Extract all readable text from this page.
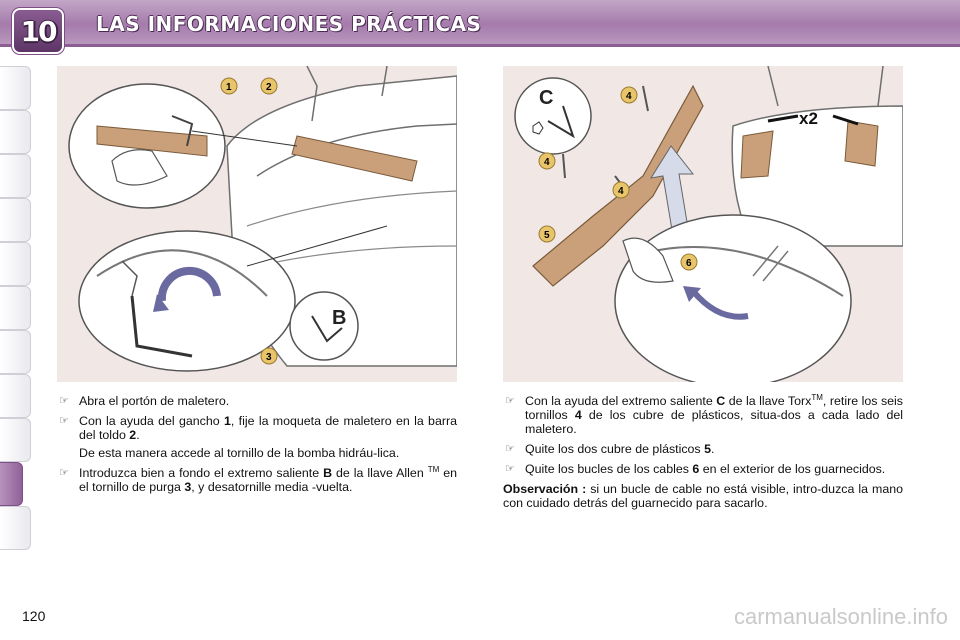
10 LAS INFORMACIONES PRÁCTICAS
B
1	2
3
x2
C	4
4
4
5
6
☞ Abra el portón de maletero.
☞ Con la ayuda del gancho 1, fije la moqueta de maletero en la barra del toldo 2.
De esta manera accede al tornillo de la bomba hidráu-lica.
☞ Introduzca bien a fondo el extremo saliente B de la llave Allen ™ en el tornillo de purga 3, y desatornille media -vuelta.
☞ Con la ayuda del extremo saliente C de la llave Torx™, retire los seis tornillos 4 de los cubre de plásticos, situa-dos a cada lado del maletero.
☞ Quite los dos cubre de plásticos 5.
☞ Quite los bucles de los cables 6 en el exterior de los guarnecidos.
Observación : si un bucle de cable no está visible, intro-duzca la mano con cuidado detrás del guarnecido para sacarlo.
120	carmanualsonline.info
